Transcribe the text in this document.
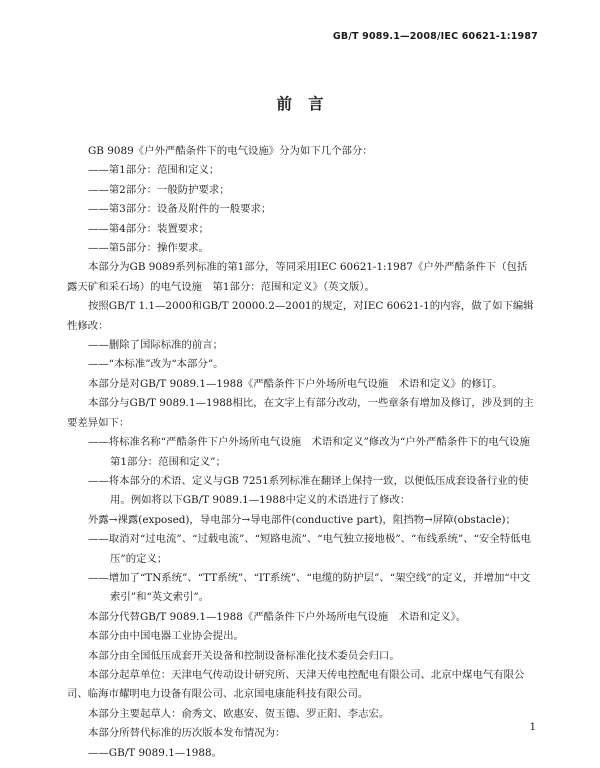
GB/T 9089.1—2008/IEC 60621-1:1987
前言

GB 9089《户外严酷条件下的电气设施》分为如下几个部分：

——第1部分：范围和定义；

——第2部分：一般防护要求；

——第3部分：设备及附件的一般要求；

——第4部分：装置要求；

——第5部分：操作要求。

本部分为GB 9089系列标准的第1部分，等同采用IEC 60621-1:1987《户外严酷条件下（包括露天矿和采石场）的电气设施　第1部分：范围和定义》（英文版）。

按照GB/T 1.1—2000和GB/T 20000.2—2001的规定，对IEC 60621-1的内容，做了如下编辑性修改：

——删除了国际标准的前言；

——“本标准”改为“本部分”。

本部分是对GB/T 9089.1—1988《严酷条件下户外场所电气设施　术语和定义》的修订。

本部分与GB/T 9089.1—1988相比，在文字上有部分改动，一些章条有增加及修订，涉及到的主要差异如下：

——将标准名称“严酷条件下户外场所电气设施　术语和定义”修改为“户外严酷条件下的电气设施　第1部分：范围和定义”；

——将本部分的术语、定义与GB 7251系列标准在翻译上保持一致，以便低压成套设备行业的使用。例如将以下GB/T 9089.1—1988中定义的术语进行了修改：

外露→裸露(exposed)，导电部分→导电部件(conductive part)，阻挡物→屏障(obstacle)；

——取消对“过电流”、“过载电流”、“短路电流”、“电气独立接地极”、“布线系统”、“安全特低电压”的定义；

——增加了“TN系统”、“TT系统”、“IT系统”、“电缆的防护层”、“架空线”的定义，并增加“中文索引”和“英文索引”。

本部分代替GB/T 9089.1—1988《严酷条件下户外场所电气设施　术语和定义》。

本部分由中国电器工业协会提出。

本部分由全国低压成套开关设备和控制设备标准化技术委员会归口。

本部分起草单位：天津电气传动设计研究所、天津天传电控配电有限公司、北京中煤电气有限公司、临海市耀明电力设备有限公司、北京国电康能科技有限公司。

本部分主要起草人：俞秀文、欧惠安、贺玉德、罗正阳、李志宏。

本部分所替代标准的历次版本发布情况为：

——GB/T 9089.1—1988。

1
